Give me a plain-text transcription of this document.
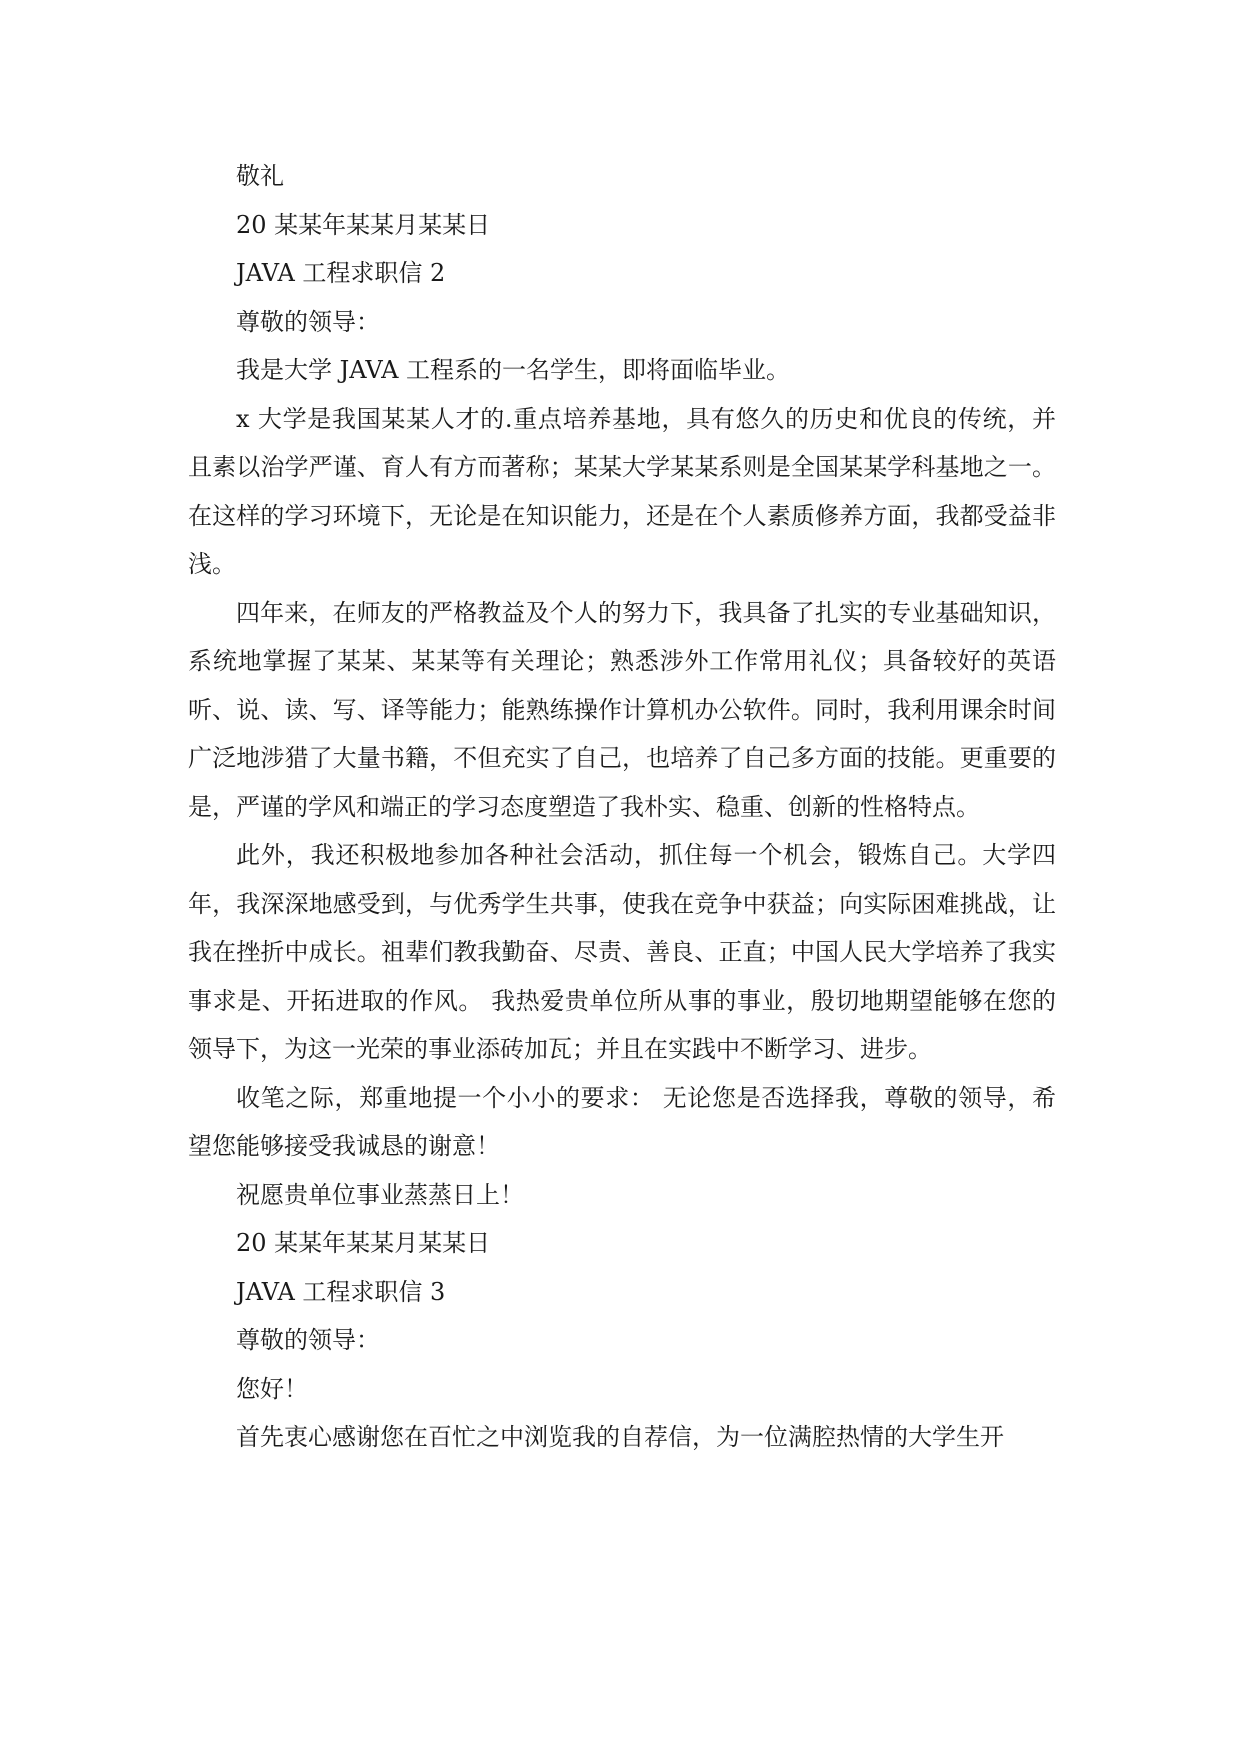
敬礼

20 某某年某某月某某日

JAVA 工程求职信 2

尊敬的领导：

我是大学 JAVA 工程系的一名学生，即将面临毕业。

x 大学是我国某某人才的.重点培养基地，具有悠久的历史和优良的传统，并且素以治学严谨、育人有方而著称；某某大学某某系则是全国某某学科基地之一。在这样的学习环境下，无论是在知识能力，还是在个人素质修养方面，我都受益非浅。

四年来，在师友的严格教益及个人的努力下，我具备了扎实的专业基础知识，系统地掌握了某某、某某等有关理论；熟悉涉外工作常用礼仪；具备较好的英语听、说、读、写、译等能力；能熟练操作计算机办公软件。同时，我利用课余时间广泛地涉猎了大量书籍，不但充实了自己，也培养了自己多方面的技能。更重要的是，严谨的学风和端正的学习态度塑造了我朴实、稳重、创新的性格特点。

此外，我还积极地参加各种社会活动，抓住每一个机会，锻炼自己。大学四年，我深深地感受到，与优秀学生共事，使我在竞争中获益；向实际困难挑战，让我在挫折中成长。祖辈们教我勤奋、尽责、善良、正直；中国人民大学培养了我实事求是、开拓进取的作风。 我热爱贵单位所从事的事业，殷切地期望能够在您的领导下，为这一光荣的事业添砖加瓦；并且在实践中不断学习、进步。

收笔之际，郑重地提一个小小的要求： 无论您是否选择我，尊敬的领导，希望您能够接受我诚恳的谢意！

祝愿贵单位事业蒸蒸日上！

20 某某年某某月某某日

JAVA 工程求职信 3

尊敬的领导：

您好！

首先衷心感谢您在百忙之中浏览我的自荐信，为一位满腔热情的大学生开
